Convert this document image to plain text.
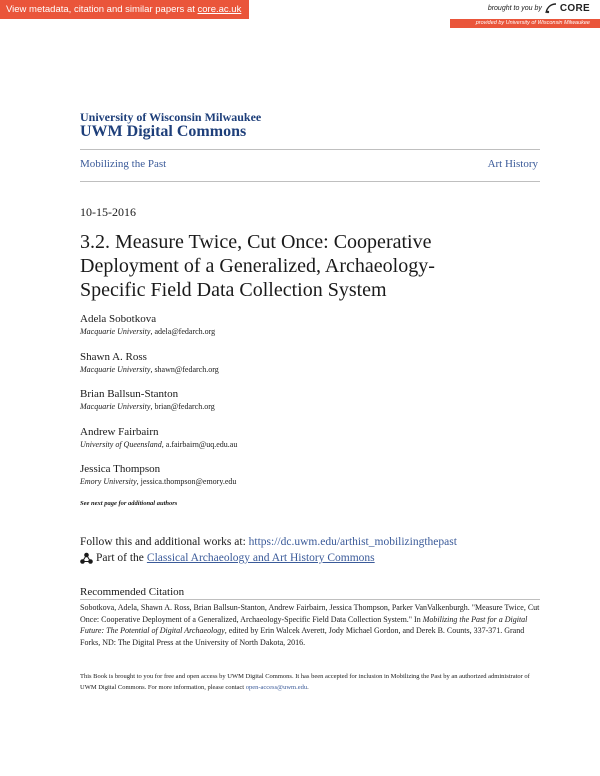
View metadata, citation and similar papers at core.ac.uk	brought to you by CORE
provided by University of Wisconsin Milwaukee
University of Wisconsin Milwaukee
UWM Digital Commons
Mobilizing the Past	Art History
10-15-2016
3.2. Measure Twice, Cut Once: Cooperative Deployment of a Generalized, Archaeology-Specific Field Data Collection System
Adela Sobotkova
Macquarie University, adela@fedarch.org
Shawn A. Ross
Macquarie University, shawn@fedarch.org
Brian Ballsun-Stanton
Macquarie University, brian@fedarch.org
Andrew Fairbairn
University of Queensland, a.fairbairn@uq.edu.au
Jessica Thompson
Emory University, jessica.thompson@emory.edu
See next page for additional authors
Follow this and additional works at: https://dc.uwm.edu/arthist_mobilizingthepast
Part of the Classical Archaeology and Art History Commons
Recommended Citation
Sobotkova, Adela, Shawn A. Ross, Brian Ballsun-Stanton, Andrew Fairbairn, Jessica Thompson, Parker VanValkenburgh. "Measure Twice, Cut Once: Cooperative Deployment of a Generalized, Archaeology-Specific Field Data Collection System." In Mobilizing the Past for a Digital Future: The Potential of Digital Archaeology, edited by Erin Walcek Averett, Jody Michael Gordon, and Derek B. Counts, 337-371. Grand Forks, ND: The Digital Press at the University of North Dakota, 2016.
This Book is brought to you for free and open access by UWM Digital Commons. It has been accepted for inclusion in Mobilizing the Past by an authorized administrator of UWM Digital Commons. For more information, please contact open-access@uwm.edu.
